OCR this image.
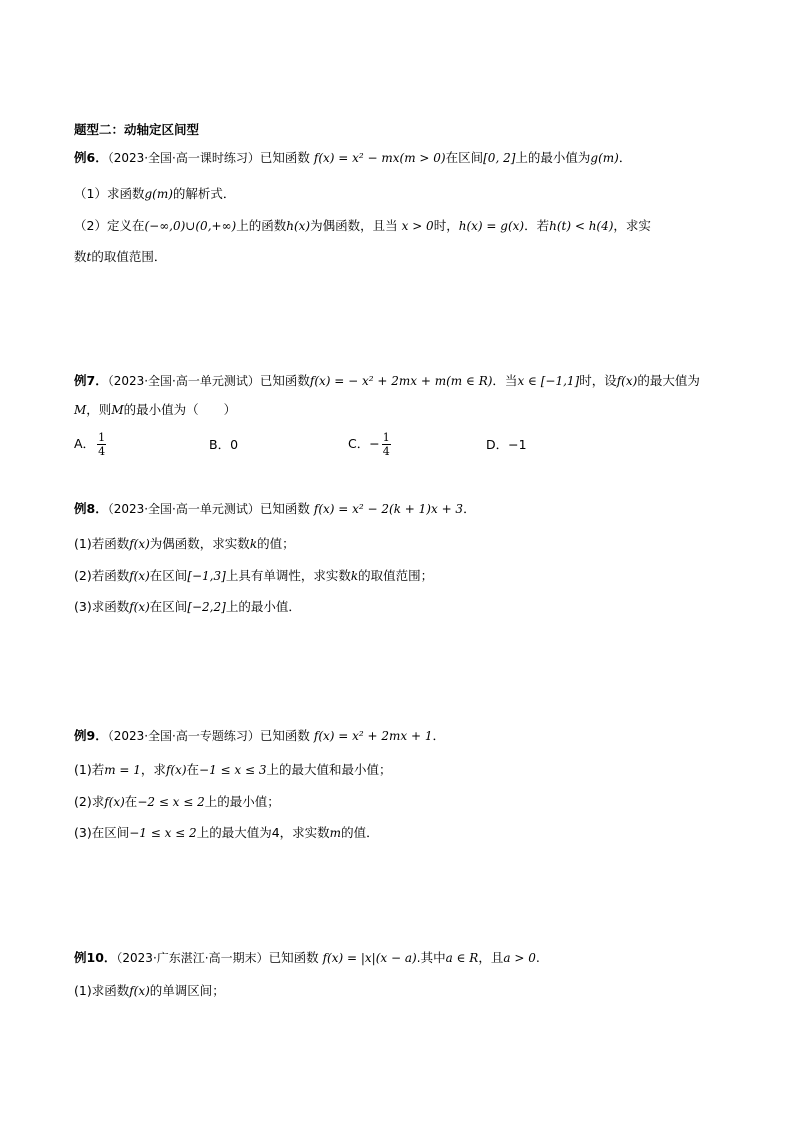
题型二：动轴定区间型
例6．（2023·全国·高一课时练习）已知函数 f(x) = x² − mx(m > 0)在区间[0, 2]上的最小值为g(m)．
（1）求函数g(m)的解析式．
（2）定义在(−∞,0)∪(0,+∞)上的函数h(x)为偶函数，且当 x > 0时，h(x) = g(x)．若h(t) < h(4)，求实
数t的取值范围．
例7．（2023·全国·高一单元测试）已知函数f(x) = − x² + 2mx + m(m ∈ R)．当x ∈ [−1,1]时，设f(x)的最大值为
M，则M的最小值为（　　）
A． $\frac{1}{4}$	B．0	C．− $\frac{1}{4}$	D．−1
例8．（2023·全国·高一单元测试）已知函数 f(x) = x² − 2(k + 1)x + 3．
(1)若函数f(x)为偶函数，求实数k的值；
(2)若函数f(x)在区间[−1,3]上具有单调性，求实数k的取值范围；
(3)求函数f(x)在区间[−2,2]上的最小值．
例9．（2023·全国·高一专题练习）已知函数 f(x) = x² + 2mx + 1．
(1)若m = 1，求f(x)在−1 ≤ x ≤ 3上的最大值和最小值；
(2)求f(x)在−2 ≤ x ≤ 2上的最小值；
(3)在区间−1 ≤ x ≤ 2上的最大值为4，求实数m的值．
例10．（2023·广东湛江·高一期末）已知函数 f(x) = |x|(x − a).其中a ∈ R，且a > 0.
(1)求函数f(x)的单调区间；
